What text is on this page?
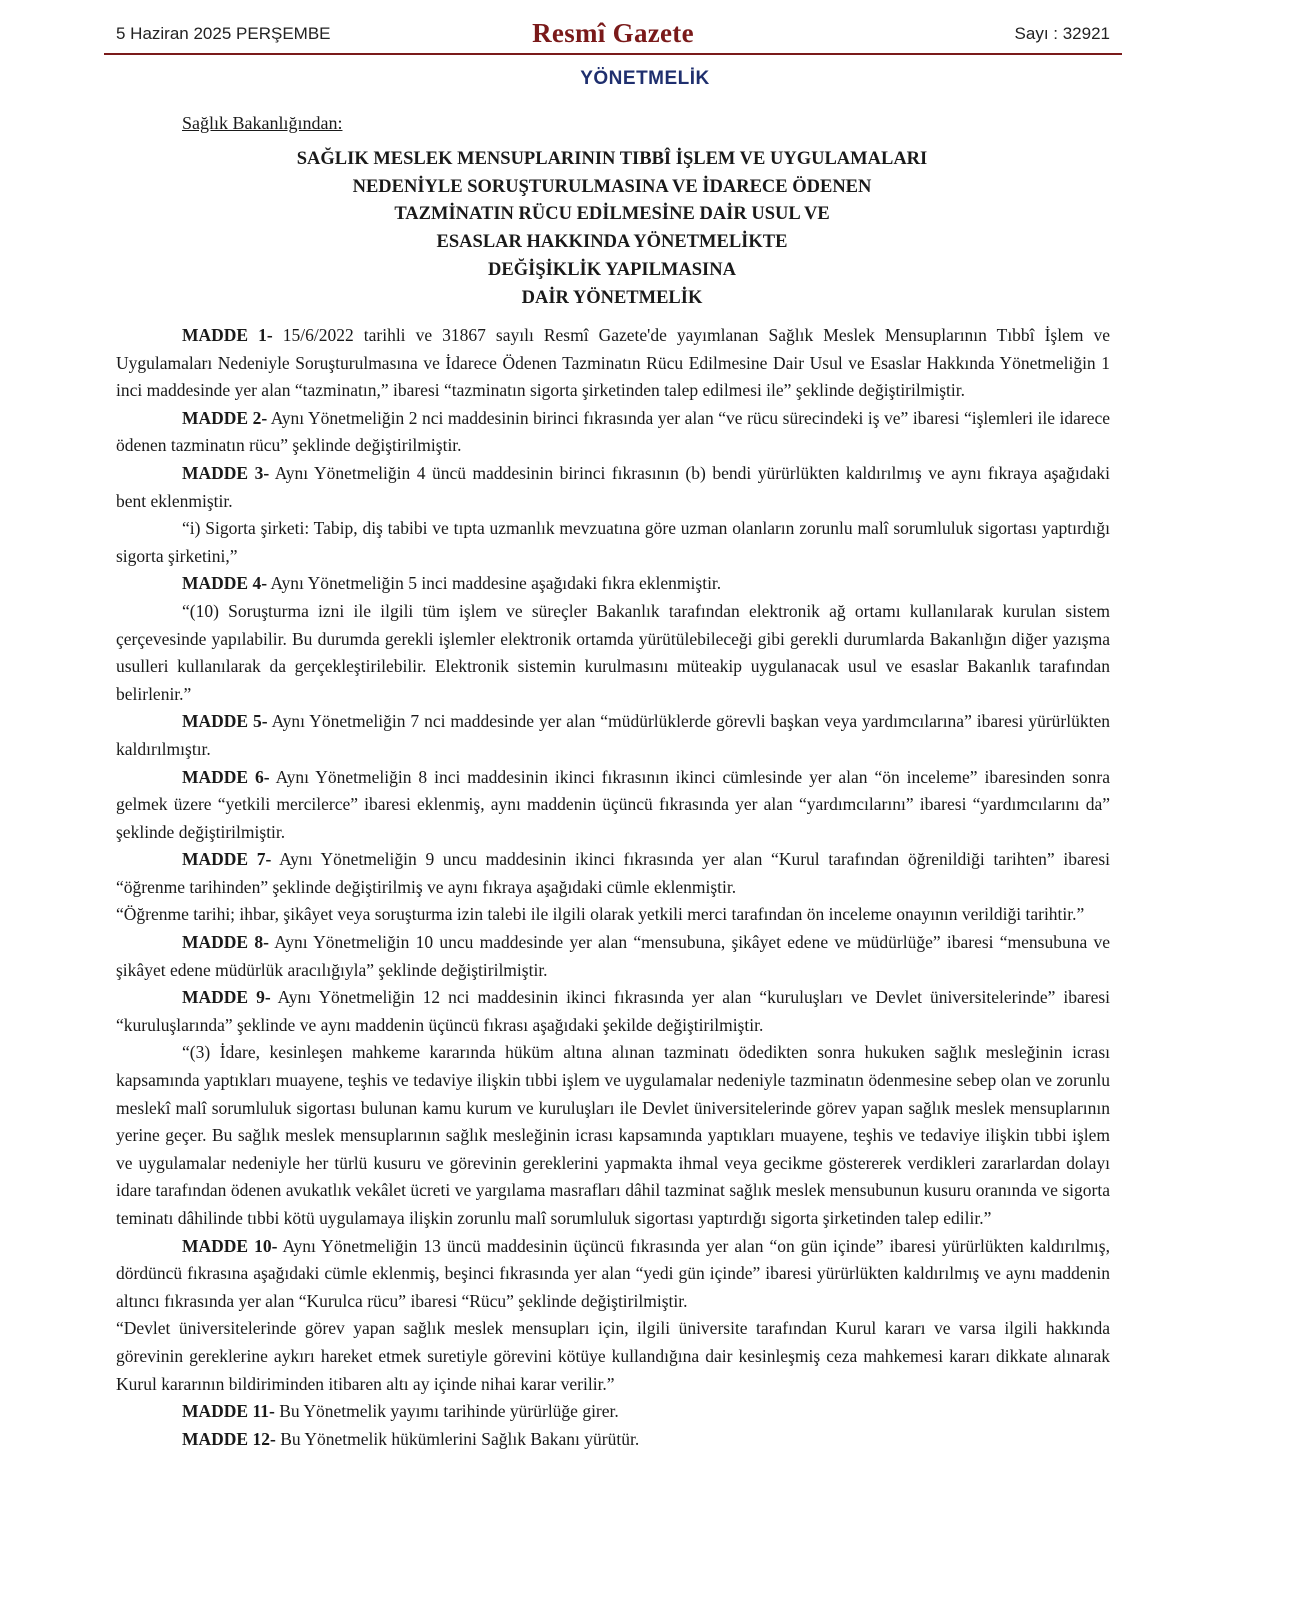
5 Haziran 2025 PERŞEMBE	Resmî Gazete	Sayı : 32921
YÖNETMELİK
Sağlık Bakanlığından:
SAĞLIK MESLEK MENSUPLARININ TIBBÎ İŞLEM VE UYGULAMALARI
NEDENİYLE SORUŞTURULMASINA VE İDARECE ÖDENEN
TAZMİNATIN RÜCU EDİLMESİNE DAİR USUL VE
ESASLAR HAKKINDA YÖNETMELİKTE
DEĞİŞİKLİK YAPILMASINA
DAİR YÖNETMELİK

MADDE 1- 15/6/2022 tarihli ve 31867 sayılı Resmî Gazete'de yayımlanan Sağlık Meslek Mensuplarının Tıbbî İşlem ve Uygulamaları Nedeniyle Soruşturulmasına ve İdarece Ödenen Tazminatın Rücu Edilmesine Dair Usul ve Esaslar Hakkında Yönetmeliğin 1 inci maddesinde yer alan “tazminatın,” ibaresi “tazminatın sigorta şirketinden talep edilmesi ile” şeklinde değiştirilmiştir.

MADDE 2- Aynı Yönetmeliğin 2 nci maddesinin birinci fıkrasında yer alan “ve rücu sürecindeki iş ve” ibaresi “işlemleri ile idarece ödenen tazminatın rücu” şeklinde değiştirilmiştir.

MADDE 3- Aynı Yönetmeliğin 4 üncü maddesinin birinci fıkrasının (b) bendi yürürlükten kaldırılmış ve aynı fıkraya aşağıdaki bent eklenmiştir.

“i) Sigorta şirketi: Tabip, diş tabibi ve tıpta uzmanlık mevzuatına göre uzman olanların zorunlu malî sorumluluk sigortası yaptırdığı sigorta şirketini,”

MADDE 4- Aynı Yönetmeliğin 5 inci maddesine aşağıdaki fıkra eklenmiştir.

“(10) Soruşturma izni ile ilgili tüm işlem ve süreçler Bakanlık tarafından elektronik ağ ortamı kullanılarak kurulan sistem çerçevesinde yapılabilir. Bu durumda gerekli işlemler elektronik ortamda yürütülebileceği gibi gerekli durumlarda Bakanlığın diğer yazışma usulleri kullanılarak da gerçekleştirilebilir. Elektronik sistemin kurulmasını müteakip uygulanacak usul ve esaslar Bakanlık tarafından belirlenir.”

MADDE 5- Aynı Yönetmeliğin 7 nci maddesinde yer alan “müdürlüklerde görevli başkan veya yardımcılarına” ibaresi yürürlükten kaldırılmıştır.

MADDE 6- Aynı Yönetmeliğin 8 inci maddesinin ikinci fıkrasının ikinci cümlesinde yer alan “ön inceleme” ibaresinden sonra gelmek üzere “yetkili mercilerce” ibaresi eklenmiş, aynı maddenin üçüncü fıkrasında yer alan “yardımcılarını” ibaresi “yardımcılarını da” şeklinde değiştirilmiştir.

MADDE 7- Aynı Yönetmeliğin 9 uncu maddesinin ikinci fıkrasında yer alan “Kurul tarafından öğrenildiği tarihten” ibaresi “öğrenme tarihinden” şeklinde değiştirilmiş ve aynı fıkraya aşağıdaki cümle eklenmiştir.

“Öğrenme tarihi; ihbar, şikâyet veya soruşturma izin talebi ile ilgili olarak yetkili merci tarafından ön inceleme onayının verildiği tarihtir.”

MADDE 8- Aynı Yönetmeliğin 10 uncu maddesinde yer alan “mensubuna, şikâyet edene ve müdürlüğe” ibaresi “mensubuna ve şikâyet edene müdürlük aracılığıyla” şeklinde değiştirilmiştir.

MADDE 9- Aynı Yönetmeliğin 12 nci maddesinin ikinci fıkrasında yer alan “kuruluşları ve Devlet üniversitelerinde” ibaresi “kuruluşlarında” şeklinde ve aynı maddenin üçüncü fıkrası aşağıdaki şekilde değiştirilmiştir.

“(3) İdare, kesinleşen mahkeme kararında hüküm altına alınan tazminatı ödedikten sonra hukuken sağlık mesleğinin icrası kapsamında yaptıkları muayene, teşhis ve tedaviye ilişkin tıbbi işlem ve uygulamalar nedeniyle tazminatın ödenmesine sebep olan ve zorunlu meslekî malî sorumluluk sigortası bulunan kamu kurum ve kuruluşları ile Devlet üniversitelerinde görev yapan sağlık meslek mensuplarının yerine geçer. Bu sağlık meslek mensuplarının sağlık mesleğinin icrası kapsamında yaptıkları muayene, teşhis ve tedaviye ilişkin tıbbi işlem ve uygulamalar nedeniyle her türlü kusuru ve görevinin gereklerini yapmakta ihmal veya gecikme göstererek verdikleri zararlardan dolayı idare tarafından ödenen avukatlık vekâlet ücreti ve yargılama masrafları dâhil tazminat sağlık meslek mensubunun kusuru oranında ve sigorta teminatı dâhilinde tıbbi kötü uygulamaya ilişkin zorunlu malî sorumluluk sigortası yaptırdığı sigorta şirketinden talep edilir.”

MADDE 10- Aynı Yönetmeliğin 13 üncü maddesinin üçüncü fıkrasında yer alan “on gün içinde” ibaresi yürürlükten kaldırılmış, dördüncü fıkrasına aşağıdaki cümle eklenmiş, beşinci fıkrasında yer alan “yedi gün içinde” ibaresi yürürlükten kaldırılmış ve aynı maddenin altıncı fıkrasında yer alan “Kurulca rücu” ibaresi “Rücu” şeklinde değiştirilmiştir.

“Devlet üniversitelerinde görev yapan sağlık meslek mensupları için, ilgili üniversite tarafından Kurul kararı ve varsa ilgili hakkında görevinin gereklerine aykırı hareket etmek suretiyle görevini kötüye kullandığına dair kesinleşmiş ceza mahkemesi kararı dikkate alınarak Kurul kararının bildiriminden itibaren altı ay içinde nihai karar verilir.”

MADDE 11- Bu Yönetmelik yayımı tarihinde yürürlüğe girer.

MADDE 12- Bu Yönetmelik hükümlerini Sağlık Bakanı yürütür.
